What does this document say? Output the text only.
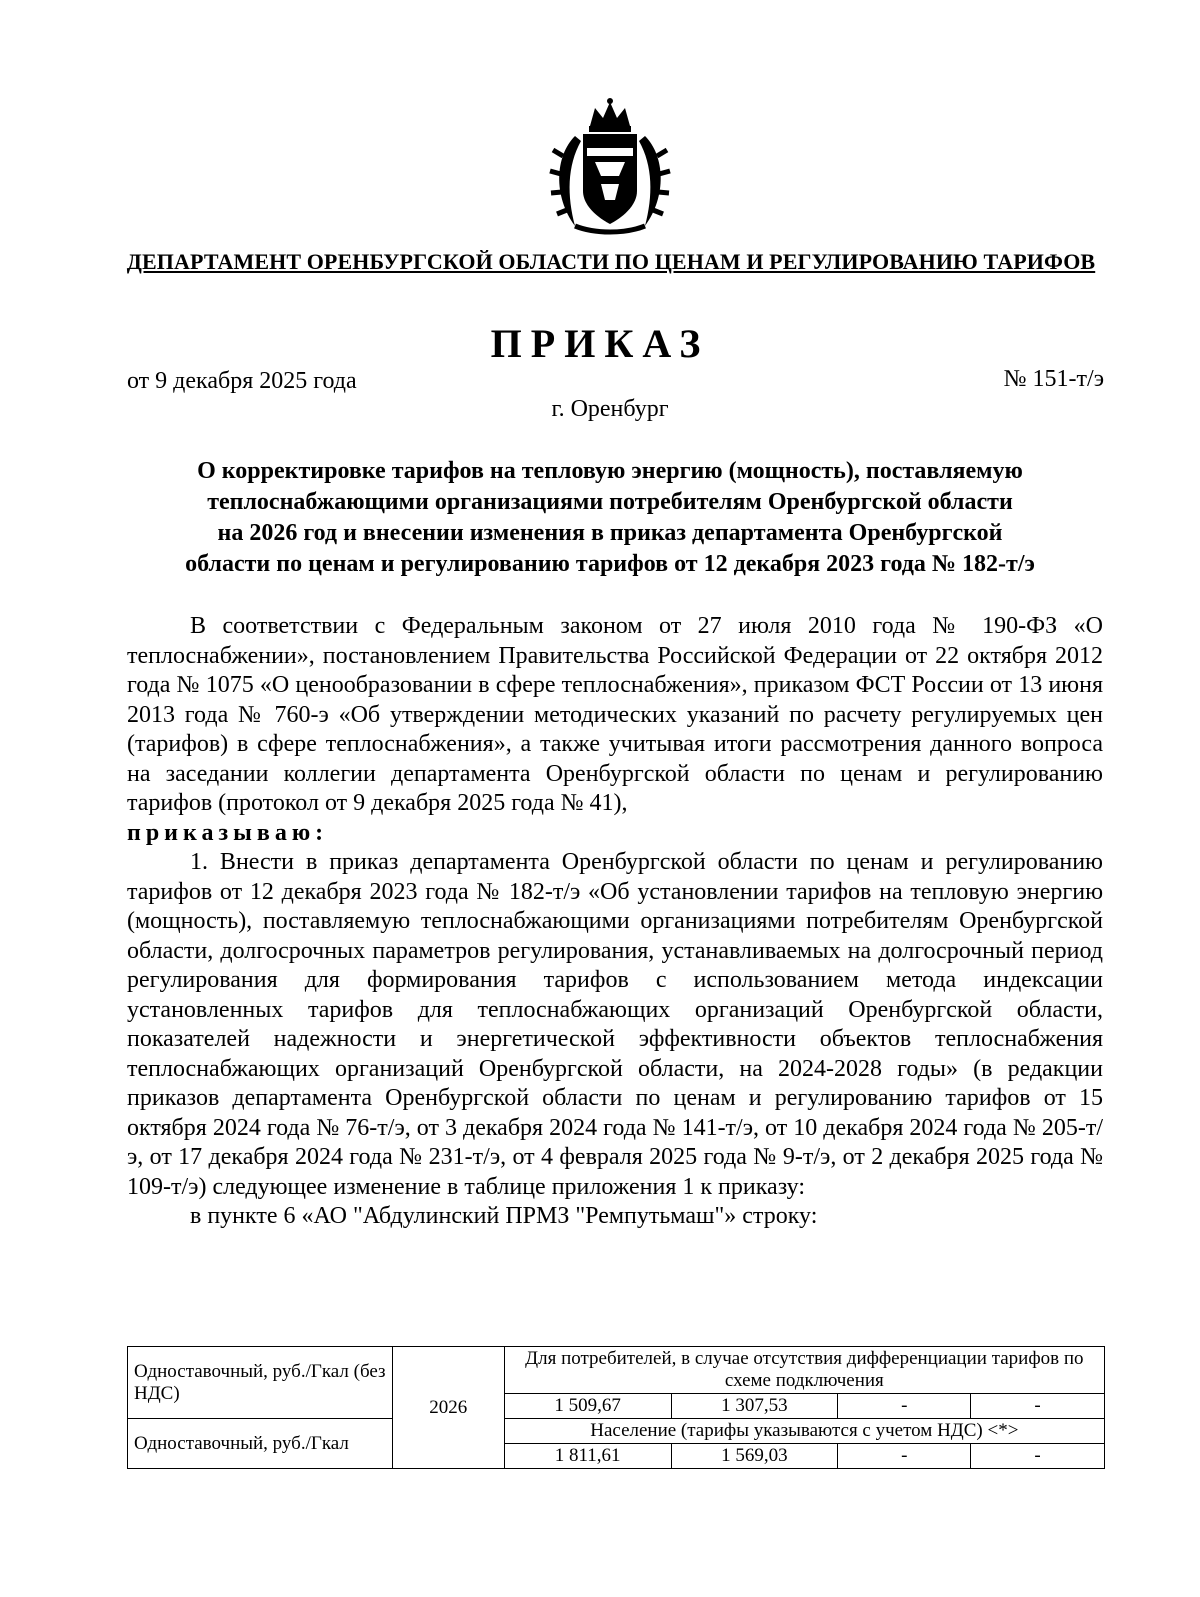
ДЕПАРТАМЕНТ ОРЕНБУРГСКОЙ ОБЛАСТИ ПО ЦЕНАМ И РЕГУЛИРОВАНИЮ ТАРИФОВ
ПРИКАЗ
от 9 декабря 2025 года	№ 151-т/э
г. Оренбург
О корректировке тарифов на тепловую энергию (мощность), поставляемую
теплоснабжающими организациями потребителям Оренбургской области
на 2026 год и внесении изменения в приказ департамента Оренбургской
области по ценам и регулированию тарифов от 12 декабря 2023 года № 182-т/э

В соответствии с Федеральным законом от 27 июля 2010 года № 190-ФЗ «О теплоснабжении», постановлением Правительства Российской Федерации от 22 октября 2012 года № 1075 «О ценообразовании в сфере теплоснабжения», приказом ФСТ России от 13 июня 2013 года № 760-э «Об утверждении методических указаний по расчету регулируемых цен (тарифов) в сфере теплоснабжения», а также учитывая итоги рассмотрения данного вопроса на заседании коллегии департамента Оренбургской области по ценам и регулированию тарифов (протокол от 9 декабря 2025 года № 41),

приказываю:

1. Внести в приказ департамента Оренбургской области по ценам и регулированию тарифов от 12 декабря 2023 года № 182-т/э «Об установлении тарифов на тепловую энергию (мощность), поставляемую теплоснабжающими организациями потребителям Оренбургской области, долгосрочных параметров регулирования, устанавливаемых на долгосрочный период регулирования для формирования тарифов с использованием метода индексации установленных тарифов для теплоснабжающих организаций Оренбургской области, показателей надежности и энергетической эффективности объектов теплоснабжения теплоснабжающих организаций Оренбургской области, на 2024-2028 годы» (в редакции приказов департамента Оренбургской области по ценам и регулированию тарифов от 15 октября 2024 года № 76-т/э, от 3 декабря 2024 года № 141-т/э, от 10 декабря 2024 года № 205-т/э, от 17 декабря 2024 года № 231-т/э, от 4 февраля 2025 года № 9-т/э, от 2 декабря 2025 года № 109-т/э) следующее изменение в таблице приложения 1 к приказу:

в пункте 6 «АО "Абдулинский ПРМЗ "Ремпутьмаш"» строку:

Одноставочный, руб./Гкал (без НДС)	2026	Для потребителей, в случае отсутствия дифференциации тарифов по схеме подключения			
		1 509,67	1 307,53	-	-
Одноставочный, руб./Гкал		Население (тарифы указываются с учетом НДС) <*>			
		1 811,61	1 569,03	-	-
